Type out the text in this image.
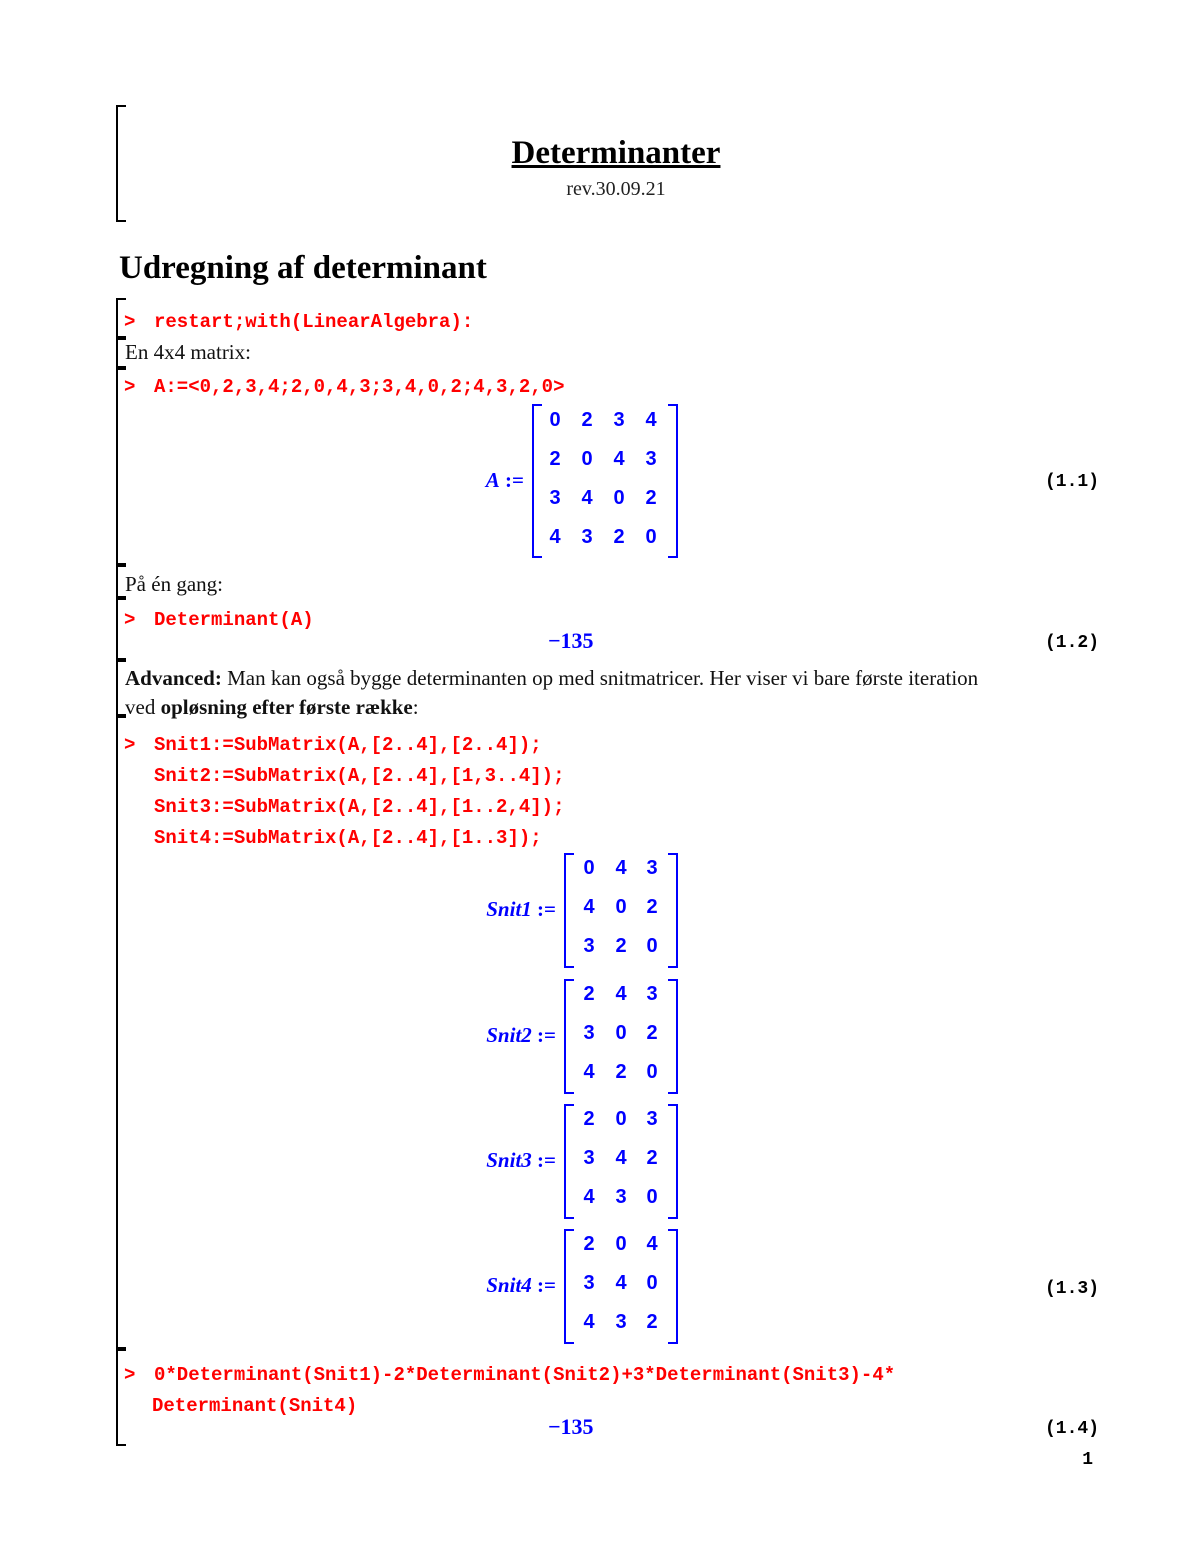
Determinanter
rev.30.09.21
Udregning af determinant
> restart;with(LinearAlgebra):
En 4x4 matrix:
> A:=<0,2,3,4;2,0,4,3;3,4,0,2;4,3,2,0>
A :=
0 2 3 4
2 0 4 3
3 4 0 2
4 3 2 0
(1.1)
På én gang:
> Determinant(A)
−135	(1.2)
Advanced: Man kan også bygge determinanten op med snitmatricer. Her viser vi bare første iteration
ved opløsning efter første række:
> Snit1:=SubMatrix(A,[2..4],[2..4]);
Snit2:=SubMatrix(A,[2..4],[1,3..4]);
Snit3:=SubMatrix(A,[2..4],[1..2,4]);
Snit4:=SubMatrix(A,[2..4],[1..3]);
Snit1 :=
0 4 3
4 0 2
3 2 0
Snit2 :=
2 4 3
3 0 2
4 2 0
Snit3 :=
2 0 3
3 4 2
4 3 0
Snit4 :=
2 0 4
3 4 0
4 3 2
(1.3)
> 0*Determinant(Snit1)-2*Determinant(Snit2)+3*Determinant(Snit3)-4*
Determinant(Snit4)
−135	(1.4)
1
